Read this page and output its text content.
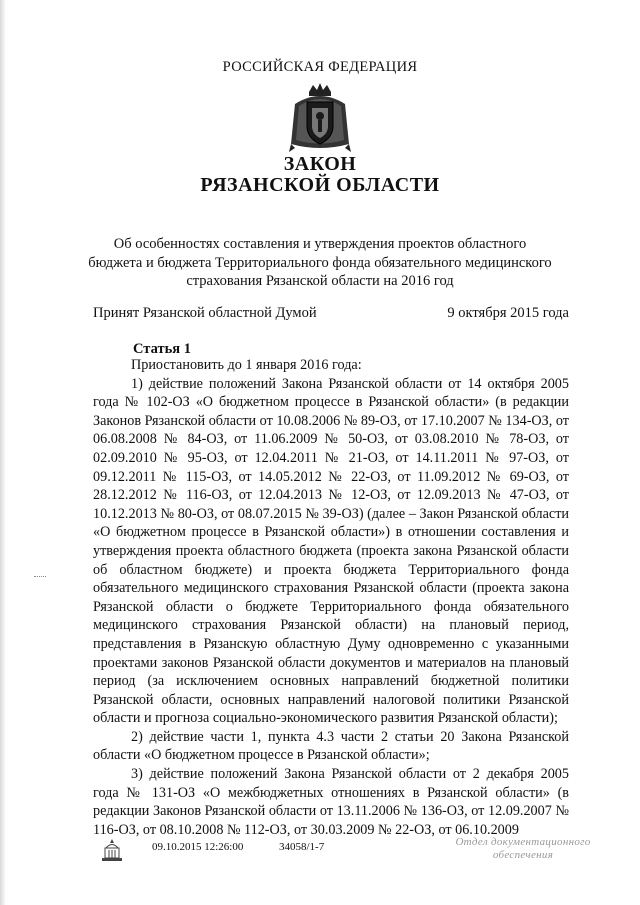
РОССИЙСКАЯ ФЕДЕРАЦИЯ
ЗАКОН
РЯЗАНСКОЙ ОБЛАСТИ
Об особенностях составления и утверждения проектов областного бюджета и бюджета Территориального фонда обязательного медицинского страхования Рязанской области на 2016 год
Принят Рязанской областной Думой	9 октября 2015 года
Статья 1

Приостановить до 1 января 2016 года:

1) действие положений Закона Рязанской области от 14 октября 2005 года № 102-ОЗ «О бюджетном процессе в Рязанской области» (в редакции Законов Рязанской области от 10.08.2006 № 89-ОЗ, от 17.10.2007 № 134-ОЗ, от 06.08.2008 № 84-ОЗ, от 11.06.2009 № 50-ОЗ, от 03.08.2010 № 78-ОЗ, от 02.09.2010 № 95-ОЗ, от 12.04.2011 № 21-ОЗ, от 14.11.2011 № 97-ОЗ, от 09.12.2011 № 115-ОЗ, от 14.05.2012 № 22-ОЗ, от 11.09.2012 № 69-ОЗ, от 28.12.2012 № 116-ОЗ, от 12.04.2013 № 12-ОЗ, от 12.09.2013 № 47-ОЗ, от 10.12.2013 № 80-ОЗ, от 08.07.2015 № 39-ОЗ) (далее – Закон Рязанской области «О бюджетном процессе в Рязанской области») в отношении составления и утверждения проекта областного бюджета (проекта закона Рязанской области об областном бюджете) и проекта бюджета Территориального фонда обязательного медицинского страхования Рязанской области (проекта закона Рязанской области о бюджете Территориального фонда обязательного медицинского страхования Рязанской области) на плановый период, представления в Рязанскую областную Думу одновременно с указанными проектами законов Рязанской области документов и материалов на плановый период (за исключением основных направлений бюджетной политики Рязанской области, основных направлений налоговой политики Рязанской области и прогноза социально-экономического развития Рязанской области);

2) действие части 1, пункта 4.3 части 2 статьи 20 Закона Рязанской области «О бюджетном процессе в Рязанской области»;

3) действие положений Закона Рязанской области от 2 декабря 2005 года № 131-ОЗ «О межбюджетных отношениях в Рязанской области» (в редакции Законов Рязанской области от 13.11.2006 № 136-ОЗ, от 12.09.2007 № 116-ОЗ, от 08.10.2008 № 112-ОЗ, от 30.03.2009 № 22-ОЗ, от 06.10.2009

09.10.2015 12:26:00	34058/1-7	Отдел документационного
обеспечения
